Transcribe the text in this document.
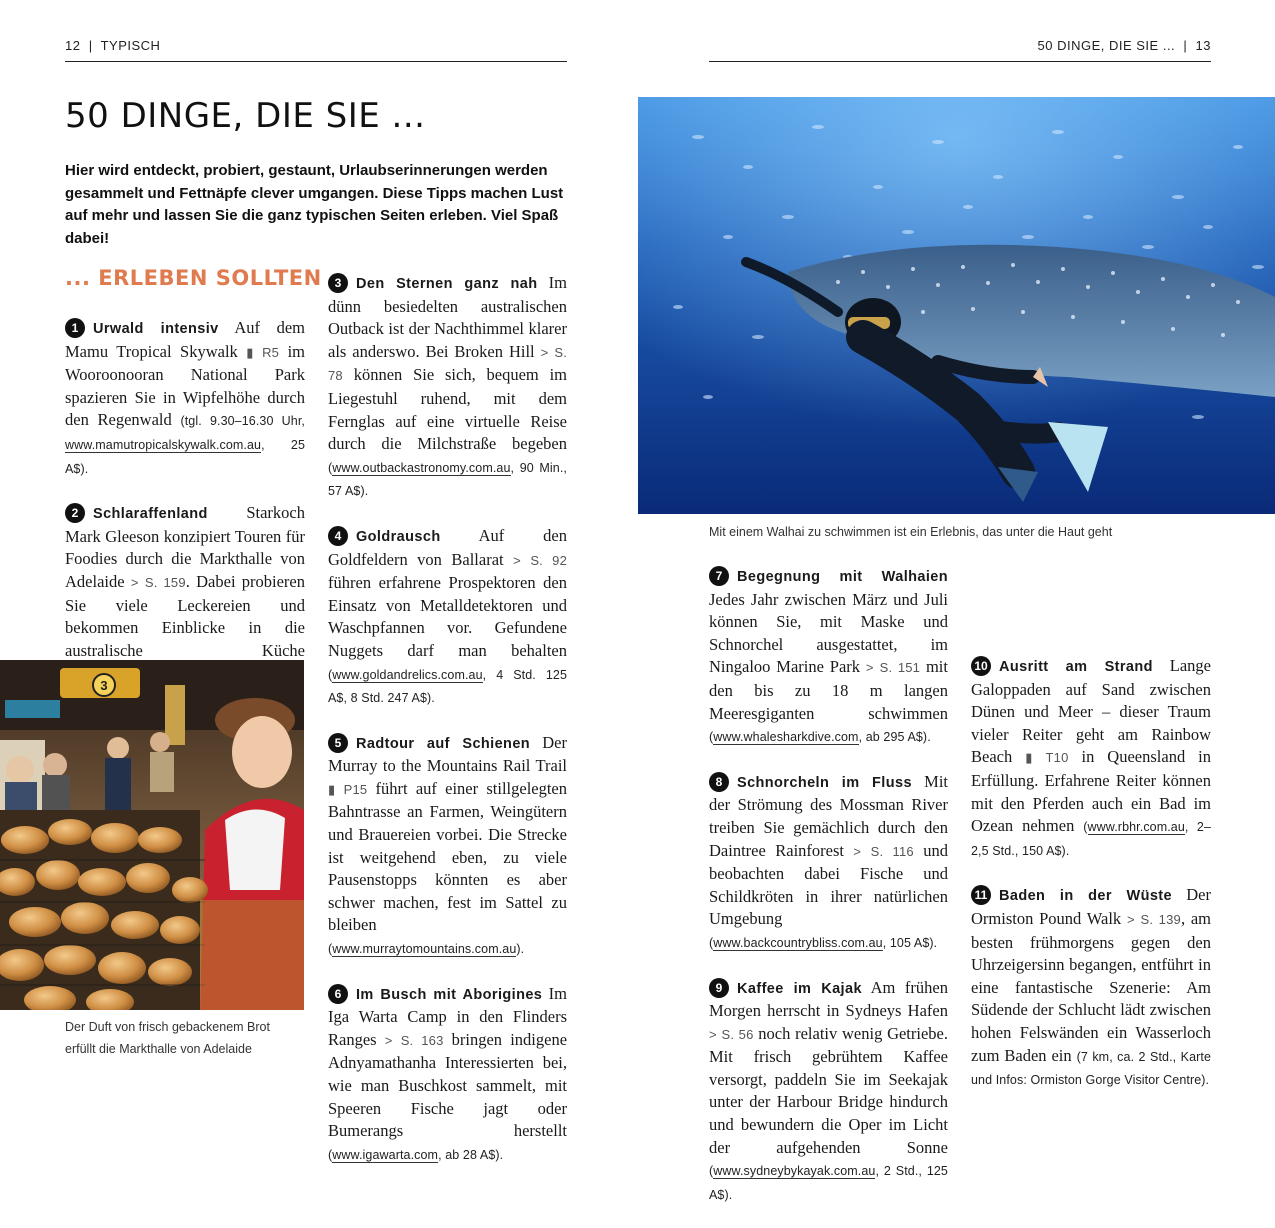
12 | TYPISCH	50 DINGE, DIE SIE ... | 13
50 DINGE, DIE SIE ...

Hier wird entdeckt, probiert, gestaunt, Urlaubserinnerungen werden gesammelt und Fettnäpfe clever umgangen. Diese Tipps machen Lust auf mehr und lassen Sie die ganz typischen Seiten erleben. Viel Spaß dabei!

... ERLEBEN SOLLTEN

1 Urwald intensiv Auf dem Mamu Tropical Skywalk ▮ R5 im Wooroonooran National Park spazieren Sie in Wipfelhöhe durch den Regenwald (tgl. 9.30–16.30 Uhr, www.mamutropicalskywalk.com.au, 25 A$).

2 Schlaraffenland Starkoch Mark Gleeson konzipiert Touren für Foodies durch die Markthalle von Adelaide > S. 159. Dabei probieren Sie viele Leckereien und bekommen Einblicke in die australische Küche

3

Der Duft von frisch gebackenem Brot erfüllt die Markthalle von Adelaide

3 Den Sternen ganz nah Im dünn besiedelten australischen Outback ist der Nachthimmel klarer als anderswo. Bei Broken Hill > S. 78 können Sie sich, bequem im Liegestuhl ruhend, mit dem Fernglas auf eine virtuelle Reise durch die Milchstraße begeben (www.outbackastronomy.com.au, 90 Min., 57 A$).

4 Goldrausch Auf den Goldfeldern von Ballarat > S. 92 führen erfahrene Prospektoren den Einsatz von Metalldetektoren und Waschpfannen vor. Gefundene Nuggets darf man behalten (www.goldandrelics.com.au, 4 Std. 125 A$, 8 Std. 247 A$).

5 Radtour auf Schienen Der Murray to the Mountains Rail Trail ▮ P15 führt auf einer stillgelegten Bahntrasse an Farmen, Weingütern und Brauereien vorbei. Die Strecke ist weitgehend eben, zu viele Pausenstopps könnten es aber schwer machen, fest im Sattel zu bleiben (www.murraytomountains.com.au).

6 Im Busch mit Aborigines Im Iga Warta Camp in den Flinders Ranges > S. 163 bringen indigene Adnyamathanha Interessierten bei, wie man Buschkost sammelt, mit Speeren Fische jagt oder Bumerangs herstellt (www.igawarta.com, ab 28 A$).

Mit einem Walhai zu schwimmen ist ein Erlebnis, das unter die Haut geht

7 Begegnung mit Walhaien Jedes Jahr zwischen März und Juli können Sie, mit Maske und Schnorchel ausgestattet, im Ningaloo Marine Park > S. 151 mit den bis zu 18 m langen Meeresgiganten schwimmen (www.whalesharkdive.com, ab 295 A$).

8 Schnorcheln im Fluss Mit der Strömung des Mossman River treiben Sie gemächlich durch den Daintree Rainforest > S. 116 und beobachten dabei Fische und Schildkröten in ihrer natürlichen Umgebung (www.backcountrybliss.com.au, 105 A$).

9 Kaffee im Kajak Am frühen Morgen herrscht in Sydneys Hafen > S. 56 noch relativ wenig Getriebe. Mit frisch gebrühtem Kaffee versorgt, paddeln Sie im Seekajak unter der Harbour Bridge hindurch und bewundern die Oper im Licht der aufgehenden Sonne (www.sydneybykayak.com.au, 2 Std., 125 A$).

10 Ausritt am Strand Lange Galoppaden auf Sand zwischen Dünen und Meer – dieser Traum vieler Reiter geht am Rainbow Beach ▮ T10 in Queensland in Erfüllung. Erfahrene Reiter können mit den Pferden auch ein Bad im Ozean nehmen (www.rbhr.com.au, 2–2,5 Std., 150 A$).

11 Baden in der Wüste Der Ormiston Pound Walk > S. 139, am besten frühmorgens gegen den Uhrzeigersinn begangen, entführt in eine fantastische Szenerie: Am Südende der Schlucht lädt zwischen hohen Felswänden ein Wasserloch zum Baden ein (7 km, ca. 2 Std., Karte und Infos: Ormiston Gorge Visitor Centre).
